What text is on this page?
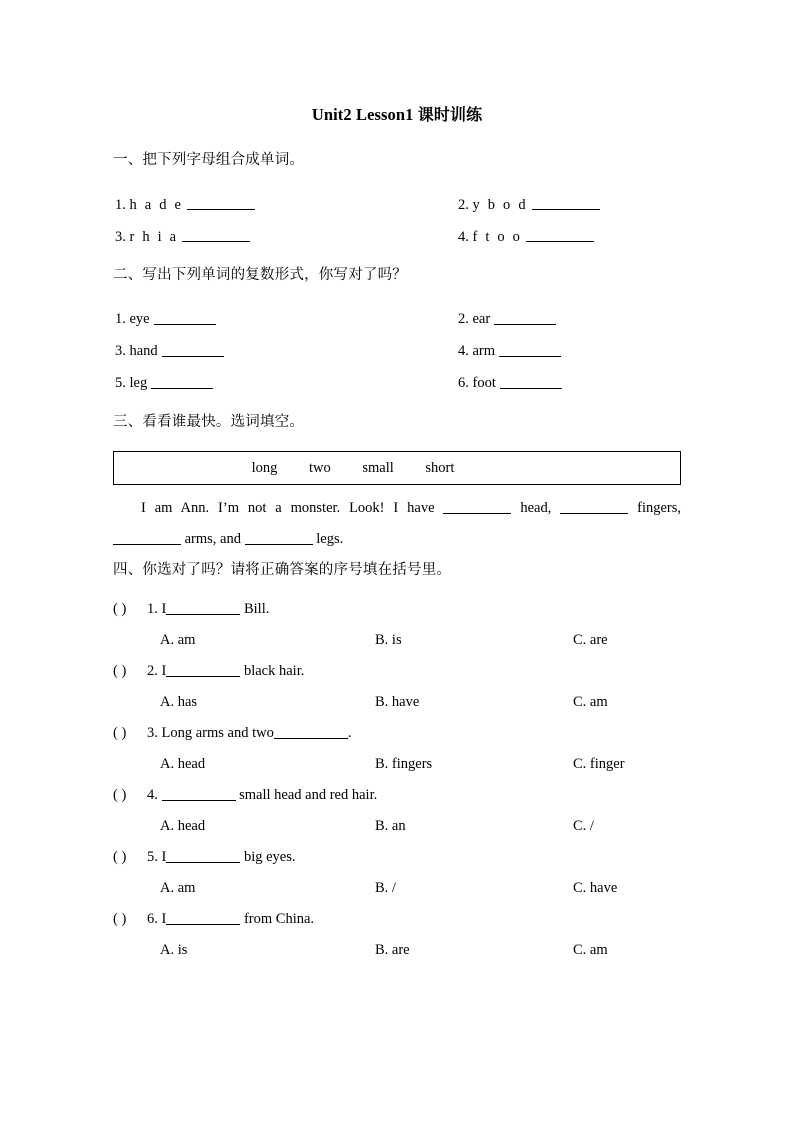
Unit2 Lesson1 课时训练
一、把下列字母组合成单词。
1. h a d e	2. y b o d
3. r h i a	4. f t o o
二、写出下列单词的复数形式，你写对了吗？
1. eye	2. ear
3. hand	4. arm
5. leg	6. foot
三、看看谁最快。选词填空。
long two small short
I am Ann. I’m not a monster. Look! I have	head,	fingers,  arms, and	legs.
四、你选对了吗？请将正确答案的序号填在括号里。
( ) 1. I	Bill.
A. am	B. is	C. are
( ) 2. I	black hair.
A. has	B. have	C. am
( ) 3. Long arms and two	.
A. head	B. fingers	C. finger
( ) 4.	small head and red hair.
A. head	B. an	C. /
( ) 5. I	big eyes.
A. am	B. /	C. have
( ) 6. I	from China.
A. is	B. are	C. am
